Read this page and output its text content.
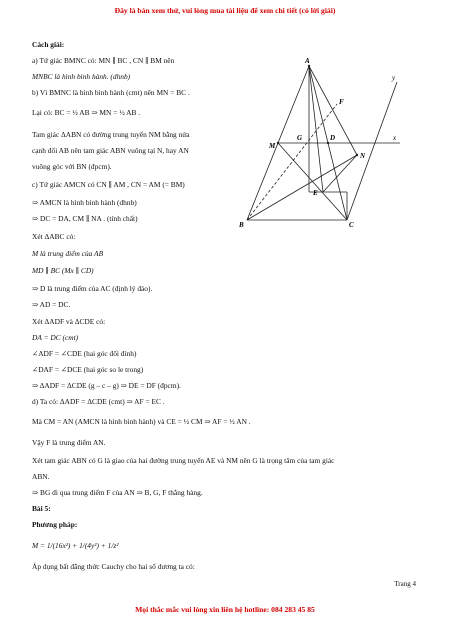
Đây là bản xem thử, vui lòng mua tài liệu để xem chi tiết (có lời giải)
Cách giải:
a) Tứ giác BMNC có: MN ∥ BC , CN ∥ BM nên
MNBC là hình bình hành. (dhnb)
b) Vì BMNC là hình bình hành (cmt) nên MN = BC .
Lại có: BC = ½ AB ⇒ MN = ½ AB .
Tam giác ΔABN có đường trung tuyến NM bằng nửa
cạnh đối AB nên tam giác ABN vuông tại N, hay AN
vuông góc với BN (đpcm).
c) Tứ giác AMCN có CN ∥ AM , CN = AM (= BM)
⇒ AMCN là hình bình hành (dhnb)
⇒ DC = DA, CM ∥ NA . (tính chất)
Xét ΔABC có:
M là trung điểm của AB
MD ∥ BC (Mx ∥ CD)
⇒ D là trung điểm của AC (định lý đảo).
⇒ AD = DC.
Xét ΔADF và ΔCDE có:
DA = DC (cmt)
∠ADF = ∠CDE (hai góc đối đỉnh)
∠DAF = ∠DCE (hai góc so le trong)
⇒ ΔADF = ΔCDE (g – c – g) ⇒ DE = DF (đpcm).
d) Ta có: ΔADF = ΔCDE (cmt) ⇒ AF = EC .
Mà CM = AN (AMCN là hình bình hành) và CE = ½ CM ⇒ AF = ½ AN .
Vậy F là trung điểm AN.
Xét tam giác ABN có G là giao của hai đường trung tuyến AE và NM nên G là trọng tâm của tam giác
ABN.
⇒ BG đi qua trung điểm F của AN ⇒ B, G, F thẳng hàng.
Bài 5:
Phương pháp:
M = 1/(16x²) + 1/(4y²) + 1/z²
Áp dụng bất đẳng thức Cauchy cho hai số dương ta có:
A
M
G	D
F
N
E
B	C
x
y
Trang 4
Mọi thắc mắc vui lòng xin liên hệ hotline: 084 283 45 85
